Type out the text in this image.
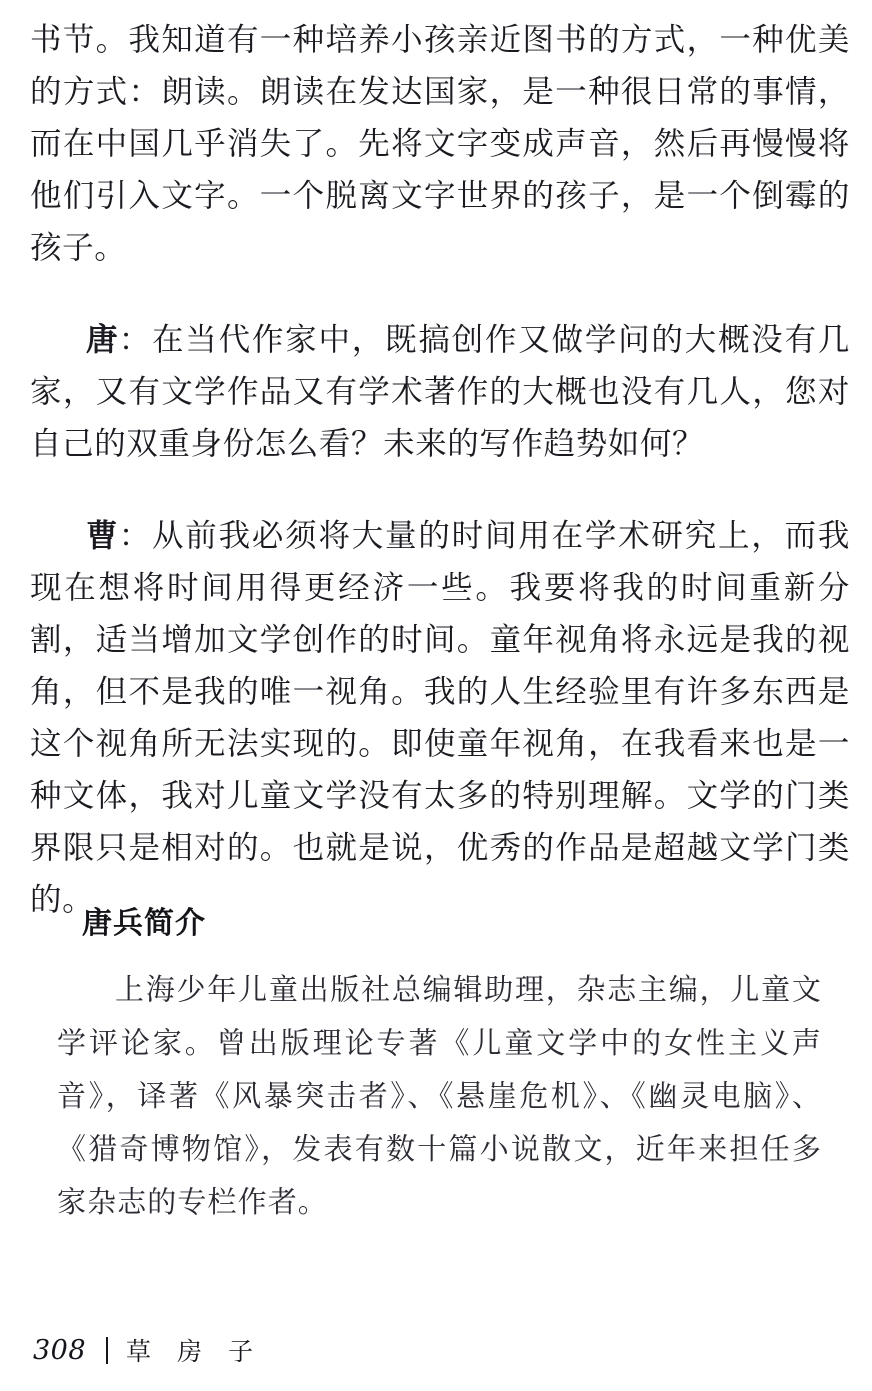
书节。我知道有一种培养小孩亲近图书的方式，一种优美的方式：朗读。朗读在发达国家，是一种很日常的事情，而在中国几乎消失了。先将文字变成声音，然后再慢慢将他们引入文字。一个脱离文字世界的孩子，是一个倒霉的孩子。

唐：在当代作家中，既搞创作又做学问的大概没有几家，又有文学作品又有学术著作的大概也没有几人，您对自己的双重身份怎么看？未来的写作趋势如何？

曹：从前我必须将大量的时间用在学术研究上，而我现在想将时间用得更经济一些。我要将我的时间重新分割，适当增加文学创作的时间。童年视角将永远是我的视角，但不是我的唯一视角。我的人生经验里有许多东西是这个视角所无法实现的。即使童年视角，在我看来也是一种文体，我对儿童文学没有太多的特别理解。文学的门类界限只是相对的。也就是说，优秀的作品是超越文学门类的。

唐兵简介

上海少年儿童出版社总编辑助理，杂志主编，儿童文学评论家。曾出版理论专著《儿童文学中的女性主义声音》，译著《风暴突击者》、《悬崖危机》、《幽灵电脑》、《猎奇博物馆》，发表有数十篇小说散文，近年来担任多家杂志的专栏作者。

308 草 房 子
